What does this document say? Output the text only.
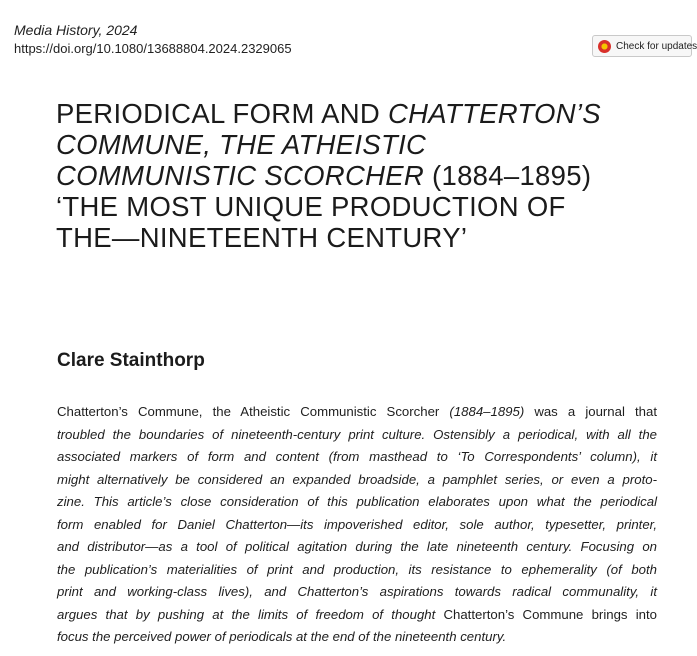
Media History, 2024
https://doi.org/10.1080/13688804.2024.2329065	Check for updates
PERIODICAL FORM AND CHATTERTON’S
COMMUNE, THE ATHEISTIC
COMMUNISTIC SCORCHER (1884–1895)
‘THE MOST UNIQUE PRODUCTION OF
THE—NINETEENTH CENTURY’
Clare Stainthorp

Chatterton’s Commune, the Atheistic Communistic Scorcher (1884–1895) was a journal that
troubled the boundaries of nineteenth-century print culture. Ostensibly a periodical, with all the
associated markers of form and content (from masthead to ‘To Correspondents’ column), it
might alternatively be considered an expanded broadside, a pamphlet series, or even a proto-
zine. This article’s close consideration of this publication elaborates upon what the periodical
form enabled for Daniel Chatterton—its impoverished editor, sole author, typesetter, printer,
and distributor—as a tool of political agitation during the late nineteenth century. Focusing on
the publication’s materialities of print and production, its resistance to ephemerality (of both
print and working-class lives), and Chatterton’s aspirations towards radical communality, it
argues that by pushing at the limits of freedom of thought Chatterton’s Commune brings into
focus the perceived power of periodicals at the end of the nineteenth century.
